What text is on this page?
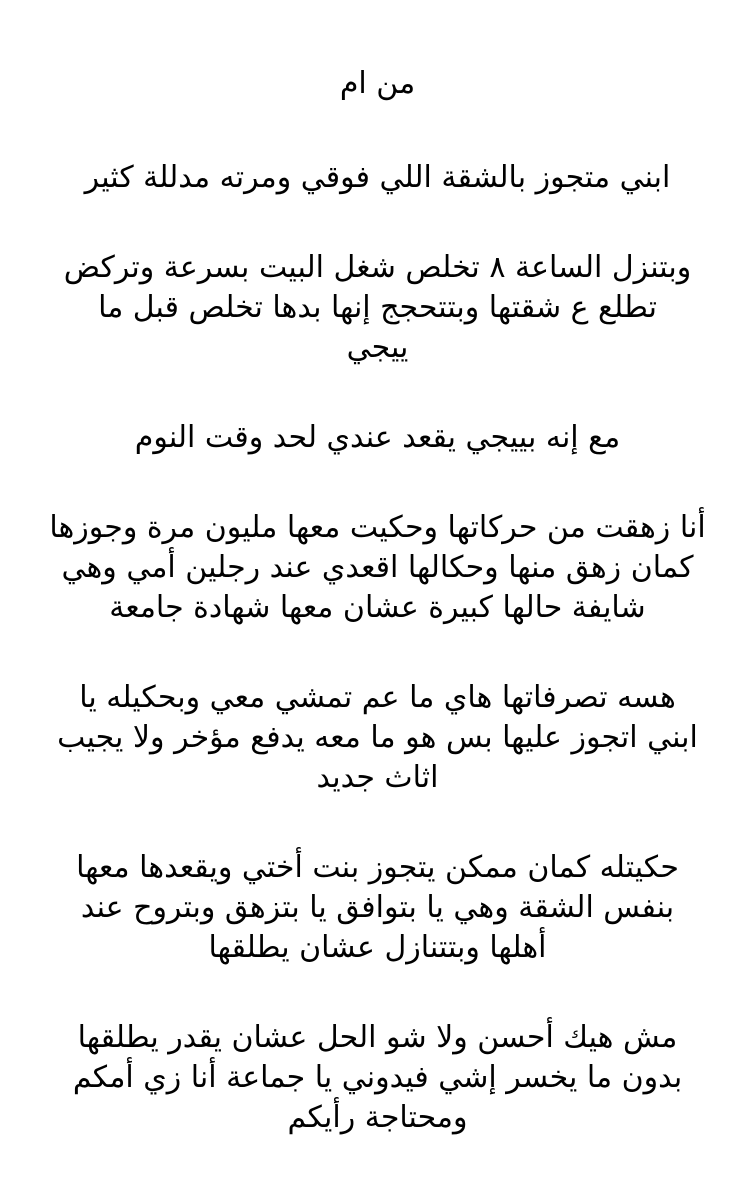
من ام
ابني متجوز بالشقة اللي فوقي ومرته مدللة كثير
وبتنزل الساعة ٨ تخلص شغل البيت بسرعة وتركض
تطلع ع شقتها وبتتحجج إنها بدها تخلص قبل ما
ييجي
مع إنه بييجي يقعد عندي لحد وقت النوم
أنا زهقت من حركاتها وحكيت معها مليون مرة وجوزها
كمان زهق منها وحكالها اقعدي عند رجلين أمي وهي
شايفة حالها كبيرة عشان معها شهادة جامعة
هسه تصرفاتها هاي ما عم تمشي معي وبحكيله يا
ابني اتجوز عليها بس هو ما معه يدفع مؤخر ولا يجيب
اثاث جديد
حكيتله كمان ممكن يتجوز بنت أختي ويقعدها معها
بنفس الشقة وهي يا بتوافق يا بتزهق وبتروح عند
أهلها وبتتنازل عشان يطلقها
مش هيك أحسن ولا شو الحل عشان يقدر يطلقها
بدون ما يخسر إشي فيدوني يا جماعة أنا زي أمكم
ومحتاجة رأيكم
